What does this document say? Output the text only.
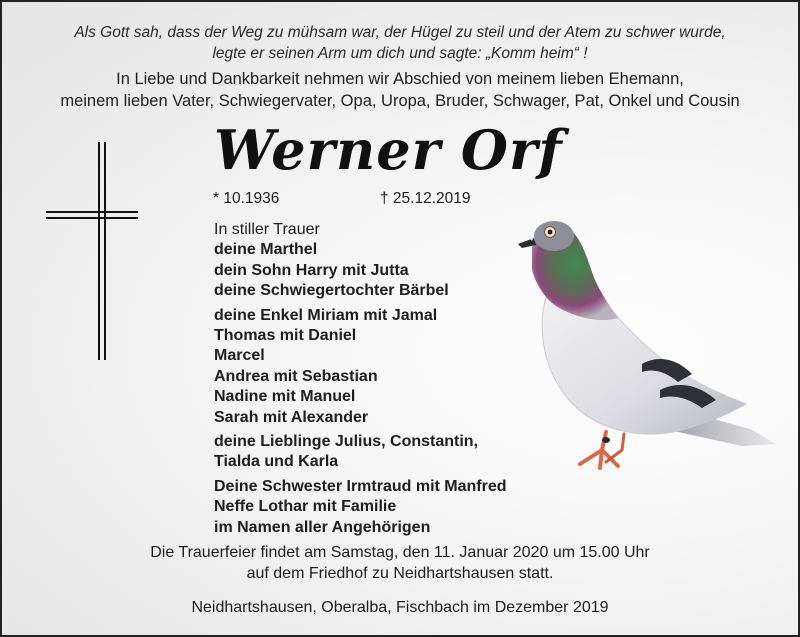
Als Gott sah, dass der Weg zu mühsam war, der Hügel zu steil und der Atem zu schwer wurde,
legte er seinen Arm um dich und sagte: „Komm heim“ !
In Liebe und Dankbarkeit nehmen wir Abschied von meinem lieben Ehemann,
meinem lieben Vater, Schwiegervater, Opa, Uropa, Bruder, Schwager, Pat, Onkel und Cousin
Werner Orf
* 10.1936	† 25.12.2019
In stiller Trauer
deine Marthel
dein Sohn Harry mit Jutta
deine Schwiegertochter Bärbel
deine Enkel Miriam mit Jamal
Thomas mit Daniel
Marcel
Andrea mit Sebastian
Nadine mit Manuel
Sarah mit Alexander
deine Lieblinge Julius, Constantin,
Tialda und Karla
Deine Schwester Irmtraud mit Manfred
Neffe Lothar mit Familie
im Namen aller Angehörigen
Die Trauerfeier findet am Samstag, den 11. Januar 2020 um 15.00 Uhr
auf dem Friedhof zu Neidhartshausen statt.
Neidhartshausen, Oberalba, Fischbach im Dezember 2019
